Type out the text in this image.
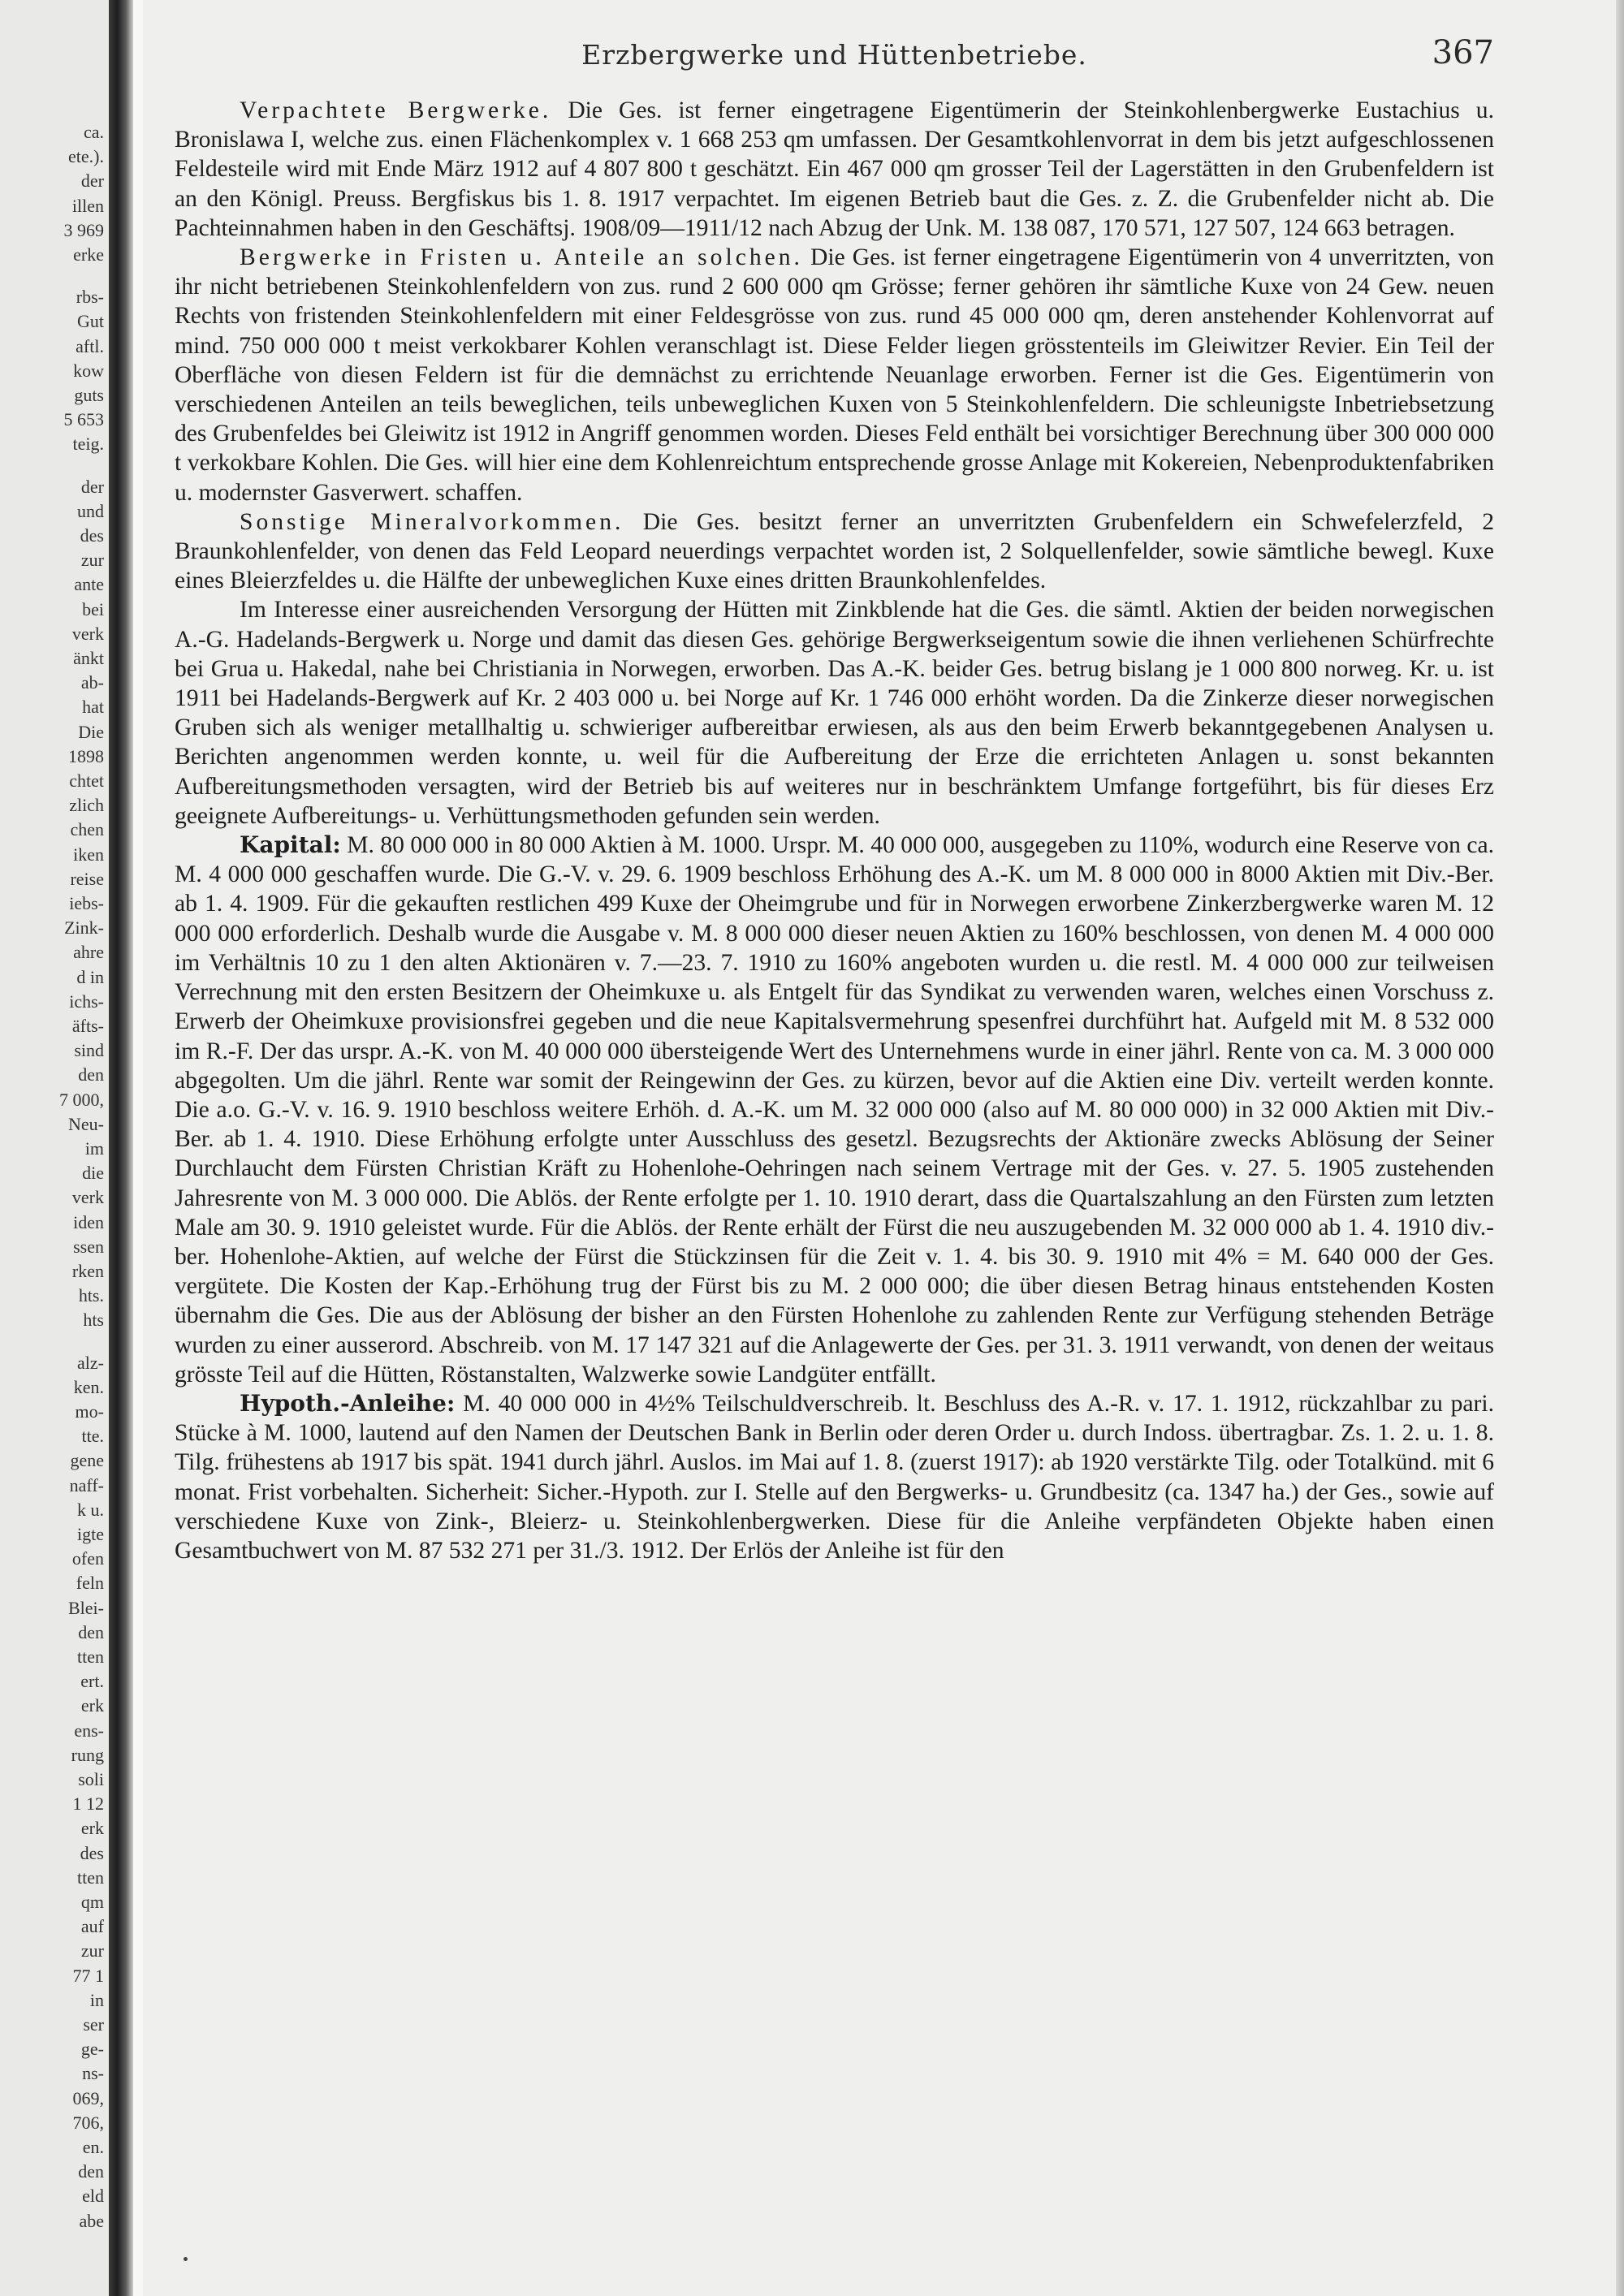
ca.
ete.).
der
illen
3 969
erke
rbs-
Gut
aftl.
kow
guts
5 653
teig.
der
und
des
zur
ante
bei
verk
änkt
ab-
hat
Die
1898
chtet
zlich
chen
iken
reise
iebs-
Zink-
ahre
d in
ichs-
äfts-
sind
den
7 000,
Neu-
im
die
verk
iden
ssen
rken
hts.
hts
alz-
ken.
mo-
tte.
gene
naff-
k u.
igte
ofen
feln
Blei-
den
tten
ert.
erk
ens-
rung
soli
1 12
erk
des
tten
qm
auf
zur
77 1
in
ser
ge-
ns-
069,
706,
en.
den
eld
abe
Erzbergwerke und Hüttenbetriebe.	367

Verpachtete Bergwerke. Die Ges. ist ferner eingetragene Eigentümerin der Steinkohlenbergwerke Eustachius u. Bronislawa I, welche zus. einen Flächenkomplex v. 1 668 253 qm umfassen. Der Gesamtkohlenvorrat in dem bis jetzt aufgeschlossenen Feldesteile wird mit Ende März 1912 auf 4 807 800 t geschätzt. Ein 467 000 qm grosser Teil der Lagerstätten in den Grubenfeldern ist an den Königl. Preuss. Bergfiskus bis 1. 8. 1917 verpachtet. Im eigenen Betrieb baut die Ges. z. Z. die Grubenfelder nicht ab. Die Pachteinnahmen haben in den Geschäftsj. 1908/09—1911/12 nach Abzug der Unk. M. 138 087, 170 571, 127 507, 124 663 betragen.

Bergwerke in Fristen u. Anteile an solchen. Die Ges. ist ferner eingetragene Eigentümerin von 4 unverritzten, von ihr nicht betriebenen Steinkohlenfeldern von zus. rund 2 600 000 qm Grösse; ferner gehören ihr sämtliche Kuxe von 24 Gew. neuen Rechts von fristenden Steinkohlenfeldern mit einer Feldesgrösse von zus. rund 45 000 000 qm, deren anstehender Kohlenvorrat auf mind. 750 000 000 t meist verkokbarer Kohlen veranschlagt ist. Diese Felder liegen grösstenteils im Gleiwitzer Revier. Ein Teil der Oberfläche von diesen Feldern ist für die demnächst zu errichtende Neuanlage erworben. Ferner ist die Ges. Eigentümerin von verschiedenen Anteilen an teils beweglichen, teils unbeweglichen Kuxen von 5 Steinkohlenfeldern. Die schleunigste Inbetriebsetzung des Grubenfeldes bei Gleiwitz ist 1912 in Angriff genommen worden. Dieses Feld enthält bei vorsichtiger Berechnung über 300 000 000 t verkokbare Kohlen. Die Ges. will hier eine dem Kohlenreichtum entsprechende grosse Anlage mit Kokereien, Nebenproduktenfabriken u. modernster Gasverwert. schaffen.

Sonstige Mineralvorkommen. Die Ges. besitzt ferner an unverritzten Grubenfeldern ein Schwefelerzfeld, 2 Braunkohlenfelder, von denen das Feld Leopard neuerdings verpachtet worden ist, 2 Solquellenfelder, sowie sämtliche bewegl. Kuxe eines Bleierzfeldes u. die Hälfte der unbeweglichen Kuxe eines dritten Braunkohlenfeldes.

Im Interesse einer ausreichenden Versorgung der Hütten mit Zinkblende hat die Ges. die sämtl. Aktien der beiden norwegischen A.-G. Hadelands-Bergwerk u. Norge und damit das diesen Ges. gehörige Bergwerkseigentum sowie die ihnen verliehenen Schürfrechte bei Grua u. Hakedal, nahe bei Christiania in Norwegen, erworben. Das A.-K. beider Ges. betrug bislang je 1 000 800 norweg. Kr. u. ist 1911 bei Hadelands-Bergwerk auf Kr. 2 403 000 u. bei Norge auf Kr. 1 746 000 erhöht worden. Da die Zinkerze dieser norwegischen Gruben sich als weniger metallhaltig u. schwieriger aufbereitbar erwiesen, als aus den beim Erwerb bekanntgegebenen Analysen u. Berichten angenommen werden konnte, u. weil für die Aufbereitung der Erze die errichteten Anlagen u. sonst bekannten Aufbereitungsmethoden versagten, wird der Betrieb bis auf weiteres nur in beschränktem Umfange fortgeführt, bis für dieses Erz geeignete Aufbereitungs- u. Verhüttungsmethoden gefunden sein werden.

Kapital: M. 80 000 000 in 80 000 Aktien à M. 1000. Urspr. M. 40 000 000, ausgegeben zu 110%, wodurch eine Reserve von ca. M. 4 000 000 geschaffen wurde. Die G.-V. v. 29. 6. 1909 beschloss Erhöhung des A.-K. um M. 8 000 000 in 8000 Aktien mit Div.-Ber. ab 1. 4. 1909. Für die gekauften restlichen 499 Kuxe der Oheimgrube und für in Norwegen erworbene Zinkerzbergwerke waren M. 12 000 000 erforderlich. Deshalb wurde die Ausgabe v. M. 8 000 000 dieser neuen Aktien zu 160% beschlossen, von denen M. 4 000 000 im Verhältnis 10 zu 1 den alten Aktionären v. 7.—23. 7. 1910 zu 160% angeboten wurden u. die restl. M. 4 000 000 zur teilweisen Verrechnung mit den ersten Besitzern der Oheimkuxe u. als Entgelt für das Syndikat zu verwenden waren, welches einen Vorschuss z. Erwerb der Oheimkuxe provisionsfrei gegeben und die neue Kapitalsvermehrung spesenfrei durchführt hat. Aufgeld mit M. 8 532 000 im R.-F. Der das urspr. A.-K. von M. 40 000 000 übersteigende Wert des Unternehmens wurde in einer jährl. Rente von ca. M. 3 000 000 abgegolten. Um die jährl. Rente war somit der Reingewinn der Ges. zu kürzen, bevor auf die Aktien eine Div. verteilt werden konnte. Die a.o. G.-V. v. 16. 9. 1910 beschloss weitere Erhöh. d. A.-K. um M. 32 000 000 (also auf M. 80 000 000) in 32 000 Aktien mit Div.-Ber. ab 1. 4. 1910. Diese Erhöhung erfolgte unter Ausschluss des gesetzl. Bezugsrechts der Aktionäre zwecks Ablösung der Seiner Durchlaucht dem Fürsten Christian Kräft zu Hohenlohe-Oehringen nach seinem Vertrage mit der Ges. v. 27. 5. 1905 zustehenden Jahresrente von M. 3 000 000. Die Ablös. der Rente erfolgte per 1. 10. 1910 derart, dass die Quartalszahlung an den Fürsten zum letzten Male am 30. 9. 1910 geleistet wurde. Für die Ablös. der Rente erhält der Fürst die neu auszugebenden M. 32 000 000 ab 1. 4. 1910 div.-ber. Hohenlohe-Aktien, auf welche der Fürst die Stückzinsen für die Zeit v. 1. 4. bis 30. 9. 1910 mit 4% = M. 640 000 der Ges. vergütete. Die Kosten der Kap.-Erhöhung trug der Fürst bis zu M. 2 000 000; die über diesen Betrag hinaus entstehenden Kosten übernahm die Ges. Die aus der Ablösung der bisher an den Fürsten Hohenlohe zu zahlenden Rente zur Verfügung stehenden Beträge wurden zu einer ausserord. Abschreib. von M. 17 147 321 auf die Anlagewerte der Ges. per 31. 3. 1911 verwandt, von denen der weitaus grösste Teil auf die Hütten, Röstanstalten, Walzwerke sowie Landgüter entfällt.

Hypoth.-Anleihe: M. 40 000 000 in 4½% Teilschuldverschreib. lt. Beschluss des A.-R. v. 17. 1. 1912, rückzahlbar zu pari. Stücke à M. 1000, lautend auf den Namen der Deutschen Bank in Berlin oder deren Order u. durch Indoss. übertragbar. Zs. 1. 2. u. 1. 8. Tilg. frühestens ab 1917 bis spät. 1941 durch jährl. Auslos. im Mai auf 1. 8. (zuerst 1917): ab 1920 verstärkte Tilg. oder Totalkünd. mit 6 monat. Frist vorbehalten. Sicherheit: Sicher.-Hypoth. zur I. Stelle auf den Bergwerks- u. Grundbesitz (ca. 1347 ha.) der Ges., sowie auf verschiedene Kuxe von Zink-, Bleierz- u. Steinkohlenbergwerken. Diese für die Anleihe verpfändeten Objekte haben einen Gesamtbuchwert von M. 87 532 271 per 31./3. 1912. Der Erlös der Anleihe ist für den
